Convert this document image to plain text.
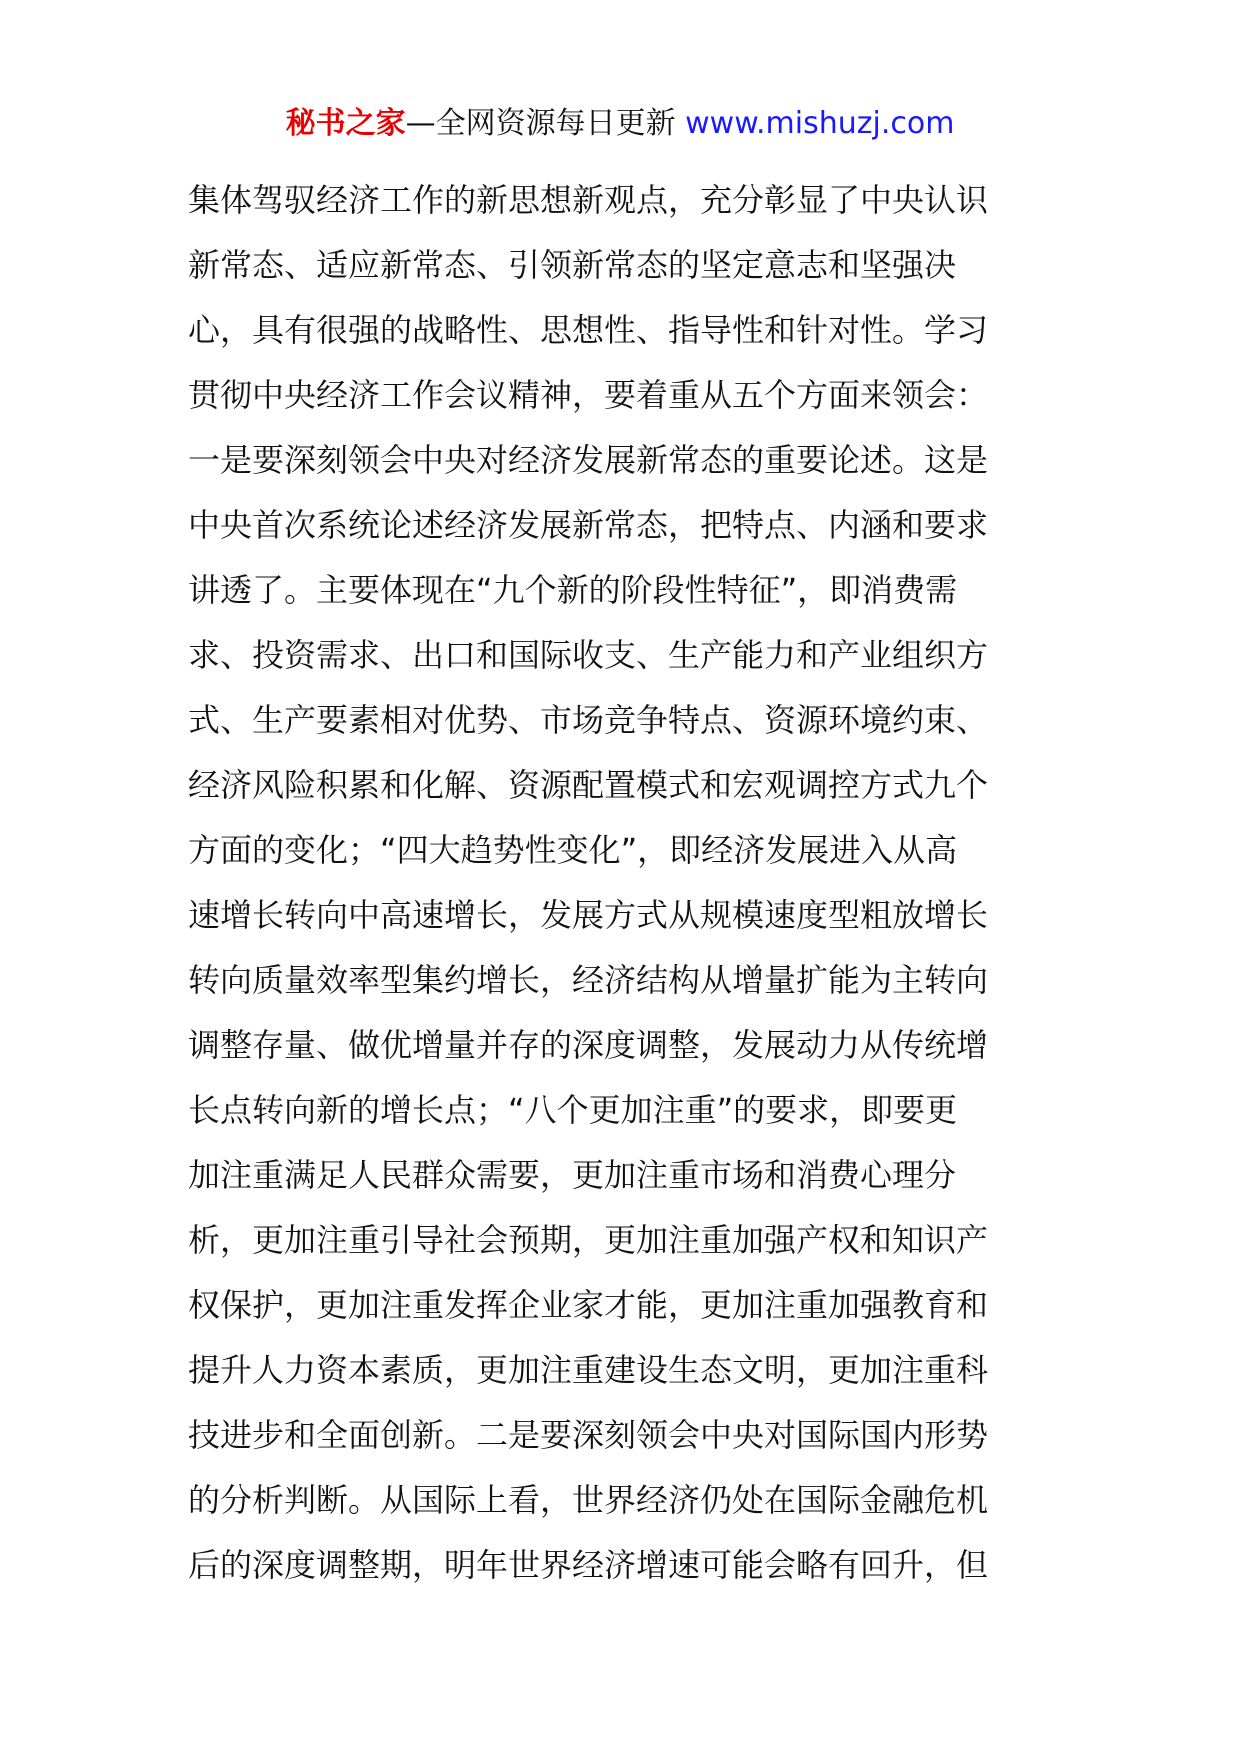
秘书之家—全网资源每日更新 www.mishuzj.com
集体驾驭经济工作的新思想新观点，充分彰显了中央认识
新常态、适应新常态、引领新常态的坚定意志和坚强决
心，具有很强的战略性、思想性、指导性和针对性。学习
贯彻中央经济工作会议精神，要着重从五个方面来领会：
一是要深刻领会中央对经济发展新常态的重要论述。这是
中央首次系统论述经济发展新常态，把特点、内涵和要求
讲透了。主要体现在“九个新的阶段性特征”，即消费需
求、投资需求、出口和国际收支、生产能力和产业组织方
式、生产要素相对优势、市场竞争特点、资源环境约束、
经济风险积累和化解、资源配置模式和宏观调控方式九个
方面的变化；“四大趋势性变化”，即经济发展进入从高
速增长转向中高速增长，发展方式从规模速度型粗放增长
转向质量效率型集约增长，经济结构从增量扩能为主转向
调整存量、做优增量并存的深度调整，发展动力从传统增
长点转向新的增长点；“八个更加注重”的要求，即要更
加注重满足人民群众需要，更加注重市场和消费心理分
析，更加注重引导社会预期，更加注重加强产权和知识产
权保护，更加注重发挥企业家才能，更加注重加强教育和
提升人力资本素质，更加注重建设生态文明，更加注重科
技进步和全面创新。二是要深刻领会中央对国际国内形势
的分析判断。从国际上看，世界经济仍处在国际金融危机
后的深度调整期，明年世界经济增速可能会略有回升，但
